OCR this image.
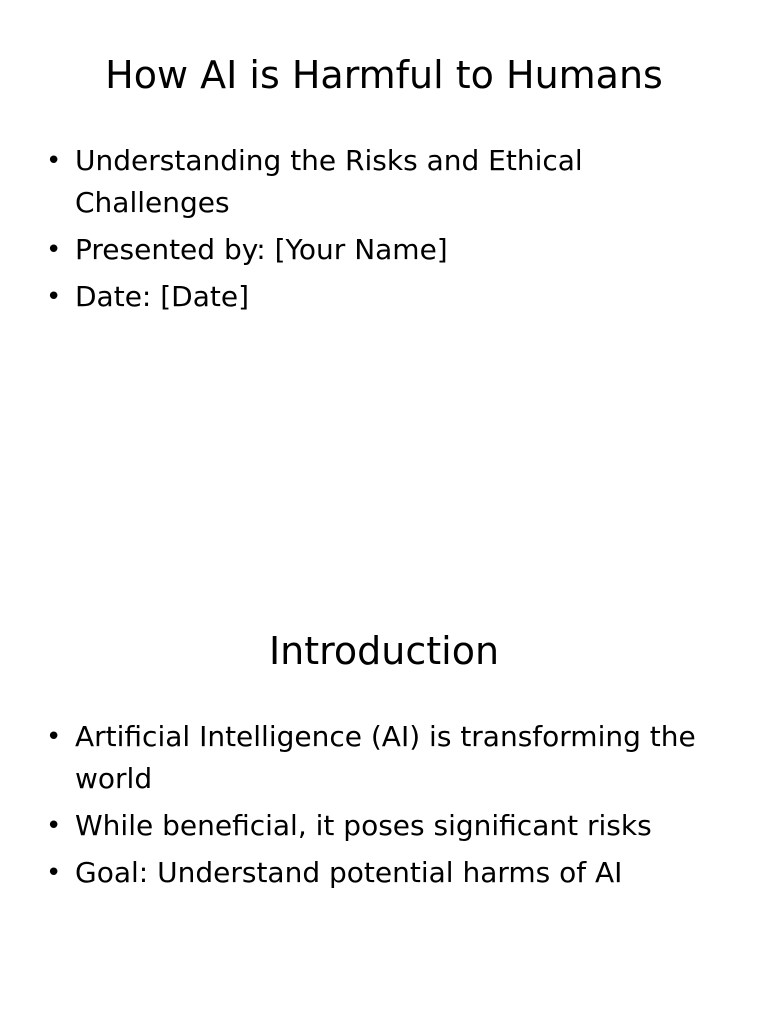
How AI is Harmful to Humans
• Understanding the Risks and Ethical Challenges
• Presented by: [Your Name]
• Date: [Date]
Introduction
• Artificial Intelligence (AI) is transforming the world
• While beneficial, it poses significant risks
• Goal: Understand potential harms of AI
